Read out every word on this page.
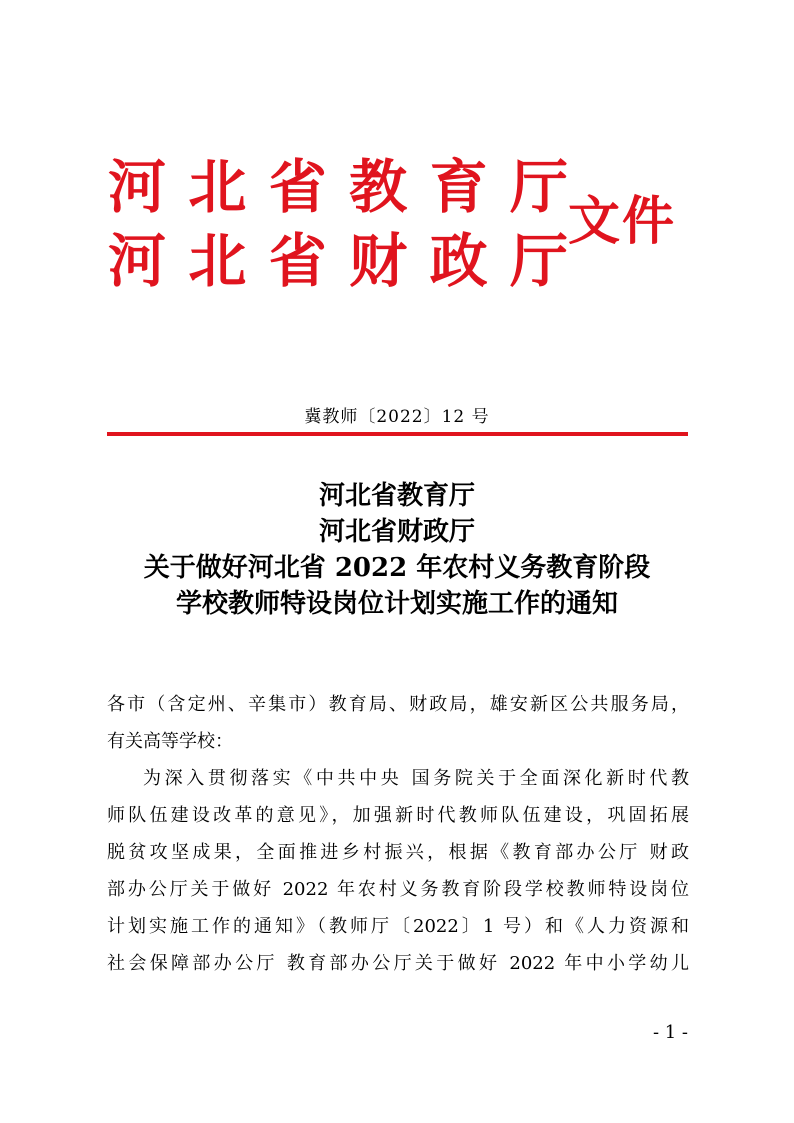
河 北 省 教 育 厅
河 北 省 财 政 厅
文件
冀教师〔2022〕12 号
河北省教育厅
河北省财政厅
关于做好河北省 2022 年农村义务教育阶段
学校教师特设岗位计划实施工作的通知

各市（含定州、辛集市）教育局、财政局，雄安新区公共服务局，

有关高等学校：

为深入贯彻落实《中共中央 国务院关于全面深化新时代教

师队伍建设改革的意见》，加强新时代教师队伍建设，巩固拓展

脱贫攻坚成果，全面推进乡村振兴，根据《教育部办公厅 财政

部办公厅关于做好 2022 年农村义务教育阶段学校教师特设岗位

计划实施工作的通知》（教师厅〔2022〕1 号）和《人力资源和

社会保障部办公厅 教育部办公厅关于做好 2022 年中小学幼儿

- 1 -
